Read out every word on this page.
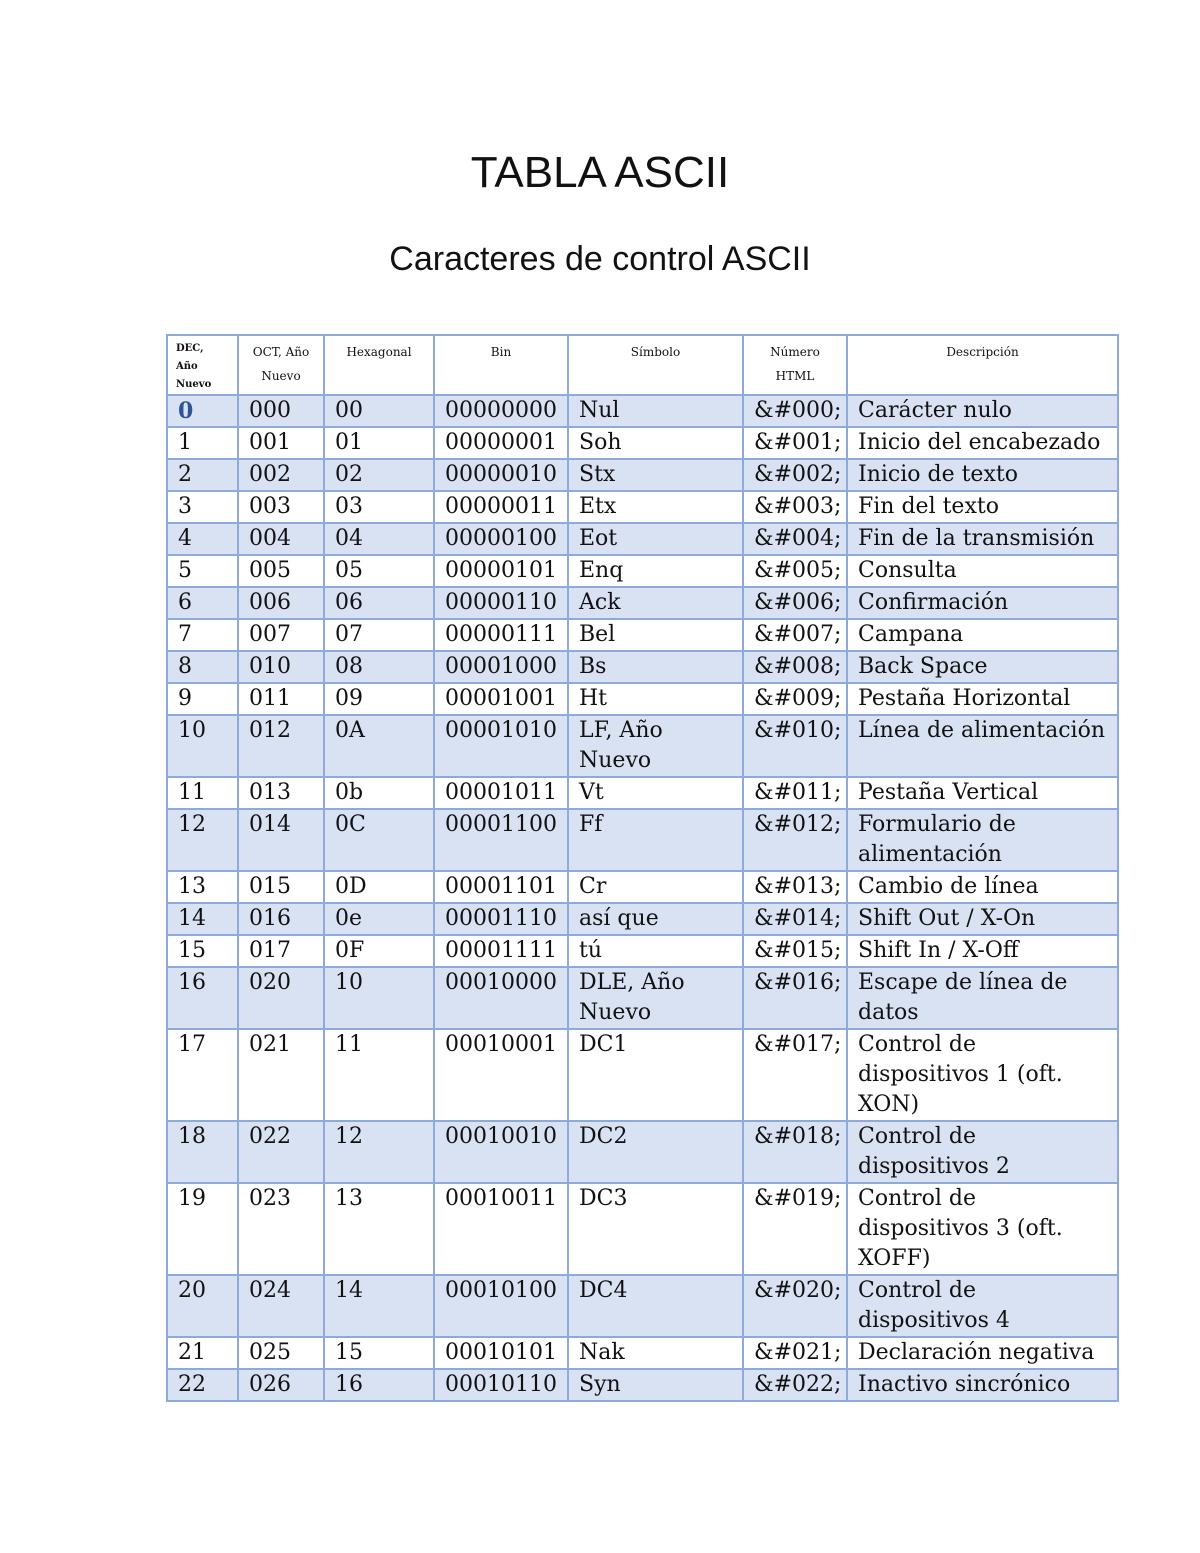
TABLA ASCII
Caracteres de control ASCII
DEC, Año Nuevo	OCT, Año Nuevo	Hexagonal	Bin	Símbolo	Número HTML	Descripción

0	000	00	00000000	Nul	&#000;	Carácter nulo
1	001	01	00000001	Soh	&#001;	Inicio del encabezado
2	002	02	00000010	Stx	&#002;	Inicio de texto
3	003	03	00000011	Etx	&#003;	Fin del texto
4	004	04	00000100	Eot	&#004;	Fin de la transmisión
5	005	05	00000101	Enq	&#005;	Consulta
6	006	06	00000110	Ack	&#006;	Confirmación
7	007	07	00000111	Bel	&#007;	Campana
8	010	08	00001000	Bs	&#008;	Back Space
9	011	09	00001001	Ht	&#009;	Pestaña Horizontal
10	012	0A	00001010	LF, Año Nuevo	&#010;	Línea de alimentación
11	013	0b	00001011	Vt	&#011;	Pestaña Vertical
12	014	0C	00001100	Ff	&#012;	Formulario de alimentación
13	015	0D	00001101	Cr	&#013;	Cambio de línea
14	016	0e	00001110	así que	&#014;	Shift Out / X-On
15	017	0F	00001111	tú	&#015;	Shift In / X-Off
16	020	10	00010000	DLE, Año Nuevo	&#016;	Escape de línea de datos
17	021	11	00010001	DC1	&#017;	Control de dispositivos 1 (oft. XON)
18	022	12	00010010	DC2	&#018;	Control de dispositivos 2
19	023	13	00010011	DC3	&#019;	Control de dispositivos 3 (oft. XOFF)
20	024	14	00010100	DC4	&#020;	Control de dispositivos 4
21	025	15	00010101	Nak	&#021;	Declaración negativa
22	026	16	00010110	Syn	&#022;	Inactivo sincrónico
